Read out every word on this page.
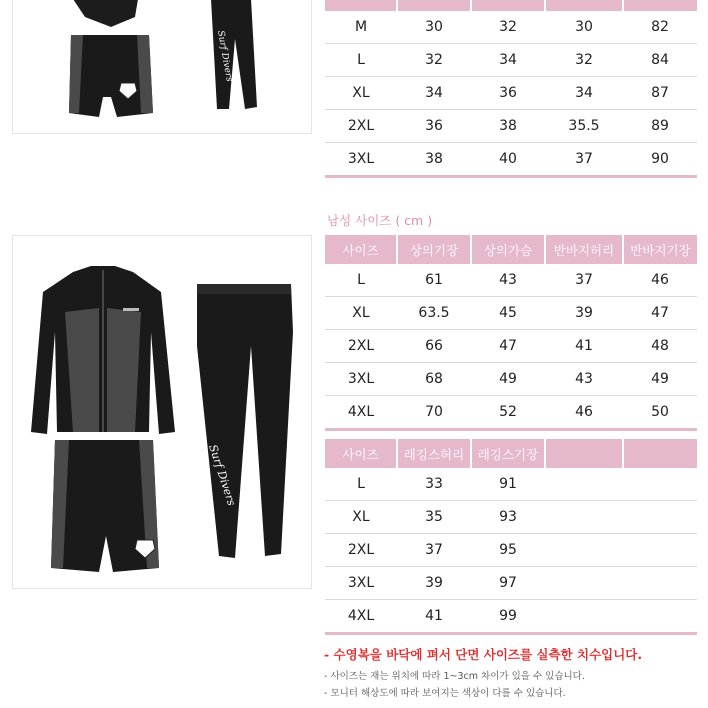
Surf Divers

M	30	32	30	82
L	32	34	32	84
XL	34	36	34	87
2XL	36	38	35.5	89
3XL	38	40	37	90
Surf Divers
남성 사이즈 ( cm )
사이즈	상의기장	상의가슴	반바지허리	반바지기장
L	61	43	37	46
XL	63.5	45	39	47
2XL	66	47	41	48
3XL	68	49	43	49
4XL	70	52	46	50
사이즈	래깅스허리	래깅스기장		
L	33	91		
XL	35	93		
2XL	37	95		
3XL	39	97		
4XL	41	99		
- 수영복을 바닥에 펴서 단면 사이즈를 실측한 치수입니다.
- 사이즈는 재는 위치에 따라 1~3cm 차이가 있을 수 있습니다.
- 모니터 해상도에 따라 보여지는 색상이 다를 수 있습니다.
